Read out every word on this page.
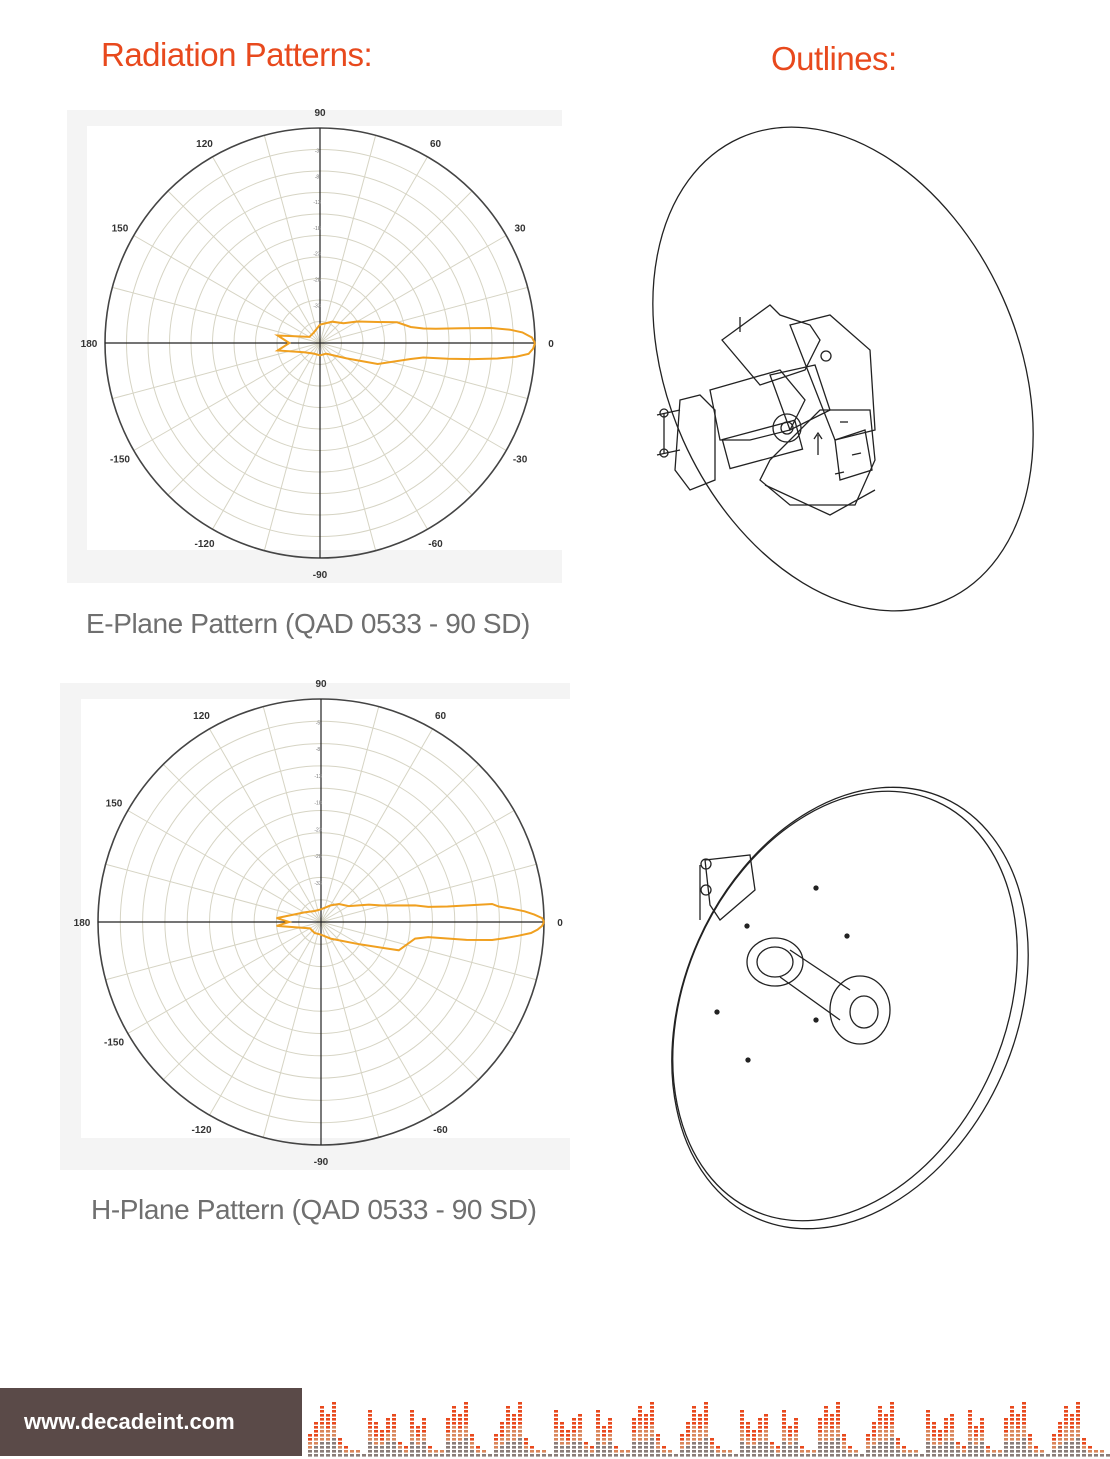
Radiation Patterns:	Outlines:
90
60
30
0
-30
-60
-90
-120
-150
180
150
120
-3
-8
-13
-18
-23
-28
-33
E-Plane Pattern (QAD 0533 - 90 SD)
90
60
0
-60
-90
-120
-150
180
150
120
-5
-8
-13
-18
-23
-28
-33
H-Plane Pattern (QAD 0533 - 90 SD)
www.decadeint.com
